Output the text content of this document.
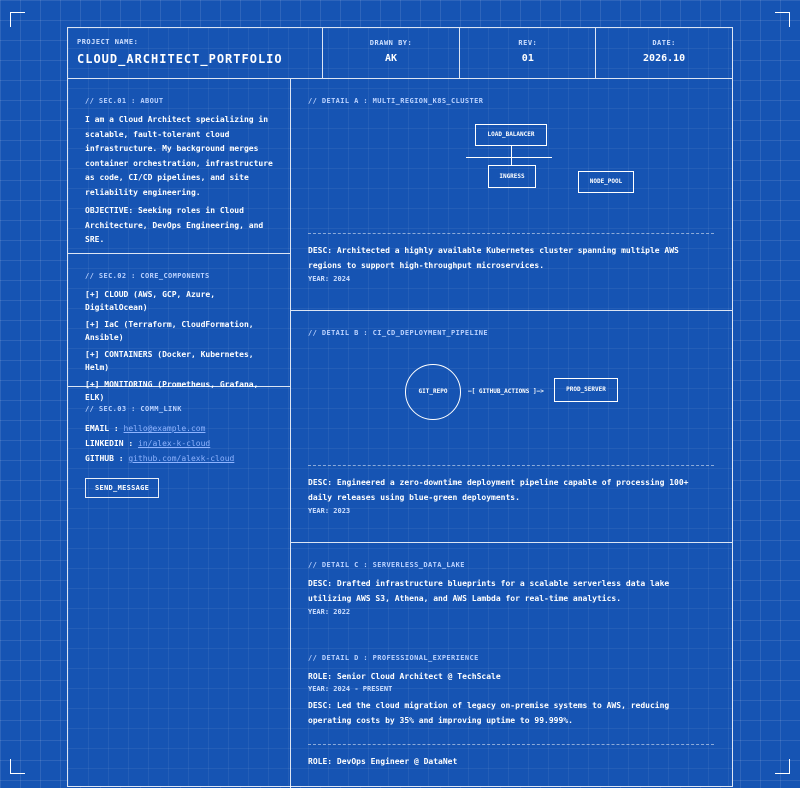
PROJECT NAME:
CLOUD_ARCHITECT_PORTFOLIO
DRAWN BY:
AK
REV:
01
DATE:
2026.10
// SEC.01 : ABOUT

I am a Cloud Architect specializing in scalable, fault-tolerant cloud infrastructure. My background merges container orchestration, infrastructure as code, CI/CD pipelines, and site reliability engineering.

OBJECTIVE: Seeking roles in Cloud Architecture, DevOps Engineering, and SRE.

// SEC.02 : CORE_COMPONENTS
[+] CLOUD (AWS, GCP, Azure, DigitalOcean)
[+] IaC (Terraform, CloudFormation, Ansible)
[+] CONTAINERS (Docker, Kubernetes, Helm)
[+] MONITORING (Prometheus, Grafana, ELK)
// SEC.03 : COMM_LINK
EMAIL : hello@example.com
LINKEDIN : in/alex-k-cloud
GITHUB : github.com/alexk-cloud
SEND_MESSAGE
// DETAIL A : MULTI_REGION_K8S_CLUSTER
LOAD_BALANCER
INGRESS
NODE_POOL
DESC: Architected a highly available Kubernetes cluster spanning multiple AWS regions to support high-throughput microservices.
YEAR: 2024
// DETAIL B : CI_CD_DEPLOYMENT_PIPELINE
GIT_REPO	—[ GITHUB_ACTIONS ]—>	PROD_SERVER
DESC: Engineered a zero-downtime deployment pipeline capable of processing 100+ daily releases using blue-green deployments.
YEAR: 2023
// DETAIL C : SERVERLESS_DATA_LAKE
DESC: Drafted infrastructure blueprints for a scalable serverless data lake utilizing AWS S3, Athena, and AWS Lambda for real-time analytics.
YEAR: 2022
// DETAIL D : PROFESSIONAL_EXPERIENCE
ROLE: Senior Cloud Architect @ TechScale
YEAR: 2024 - PRESENT
DESC: Led the cloud migration of legacy on-premise systems to AWS, reducing operating costs by 35% and improving uptime to 99.999%.
ROLE: DevOps Engineer @ DataNet
